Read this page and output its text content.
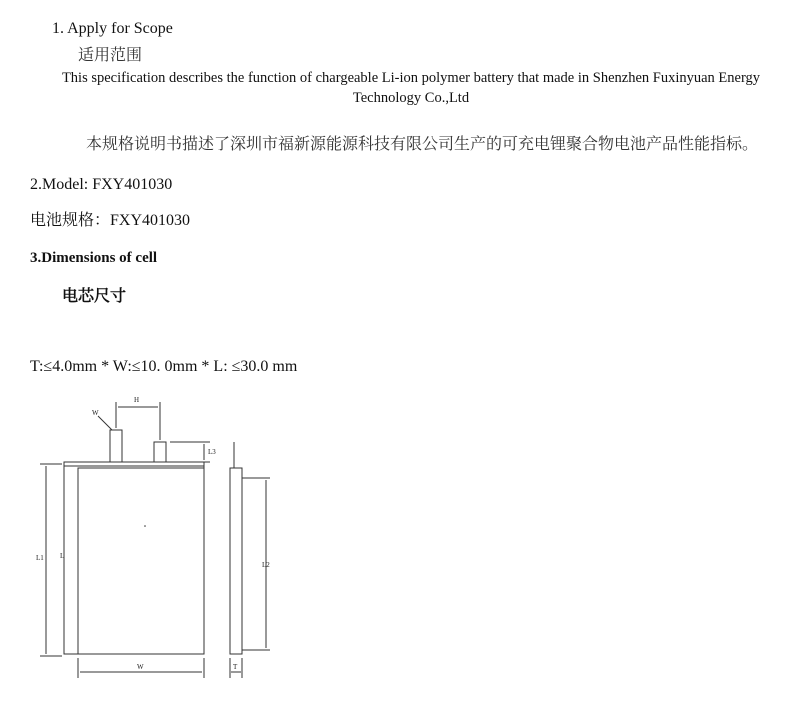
1. Apply for Scope
适用范围
This specification describes the function of chargeable Li-ion polymer battery that made in Shenzhen Fuxinyuan Energy Technology Co.,Ltd
本规格说明书描述了深圳市福新源能源科技有限公司生产的可充电锂聚合物电池产品性能指标。
2.Model: FXY401030
电池规格：FXY401030
3.Dimensions of cell
电芯尺寸
T:≤4.0mm * W:≤10. 0mm * L: ≤30.0 mm
H
W
L3
L1 L
W
L2
T
